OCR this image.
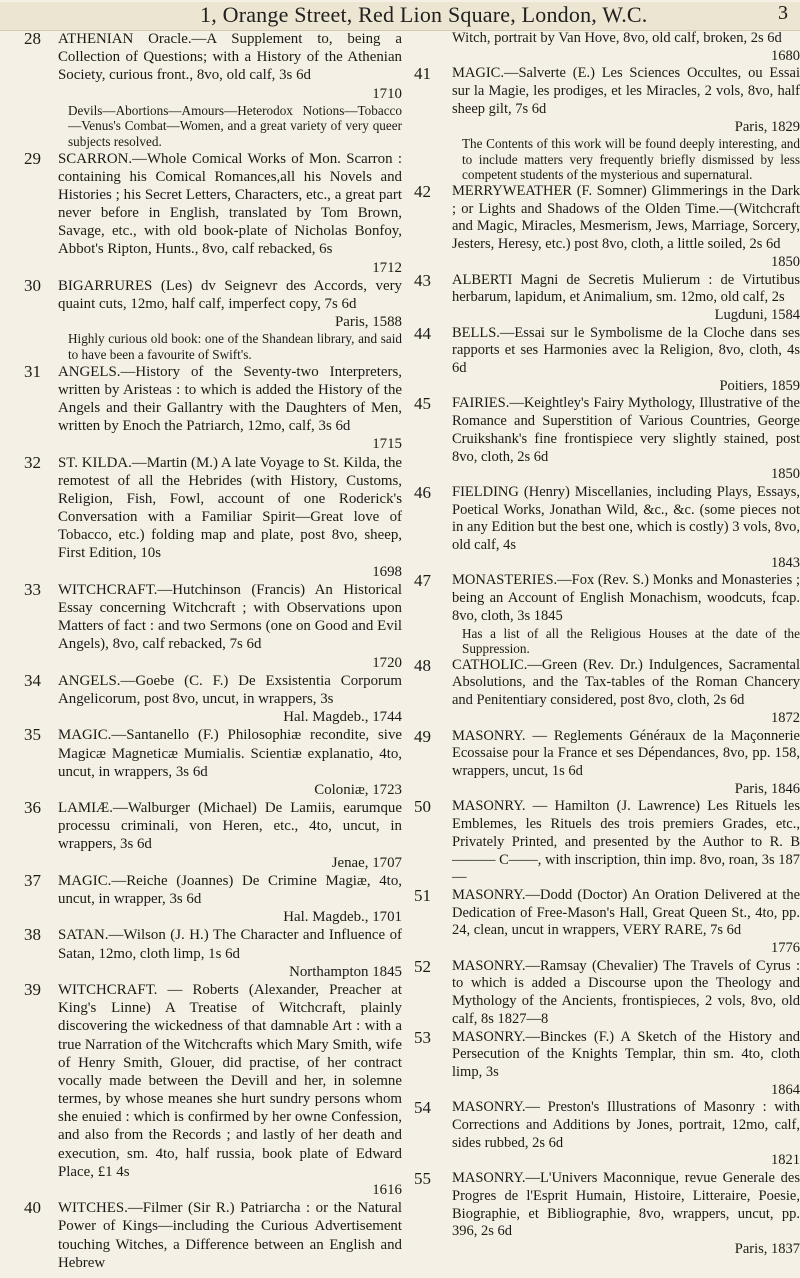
1, Orange Street, Red Lion Square, London, W.C.	3
28 ATHENIAN Oracle.—A Supplement to, being a Collection of Questions; with a History of the Athenian Society, curious front., 8vo, old calf, 3s 6d
1710
Devils—Abortions—Amours—Heterodox Notions—Tobacco—Venus's Combat—Women, and a great variety of very queer subjects resolved.
29 SCARRON.—Whole Comical Works of Mon. Scarron : containing his Comical Romances,all his Novels and Histories ; his Secret Letters, Characters, etc., a great part never before in English, translated by Tom Brown, Savage, etc., with old book-plate of Nicholas Bonfoy, Abbot's Ripton, Hunts., 8vo, calf rebacked, 6s
1712
30 BIGARRURES (Les) dv Seignevr des Accords, very quaint cuts, 12mo, half calf, imperfect copy, 7s 6d
Paris, 1588
Highly curious old book: one of the Shandean library, and said to have been a favourite of Swift's.
31 ANGELS.—History of the Seventy-two Interpreters, written by Aristeas : to which is added the History of the Angels and their Gallantry with the Daughters of Men, written by Enoch the Patriarch, 12mo, calf, 3s 6d
1715
32 ST. KILDA.—Martin (M.) A late Voyage to St. Kilda, the remotest of all the Hebrides (with History, Customs, Religion, Fish, Fowl, account of one Roderick's Conversation with a Familiar Spirit—Great love of Tobacco, etc.) folding map and plate, post 8vo, sheep, First Edition, 10s
1698
33 WITCHCRAFT.—Hutchinson (Francis) An Historical Essay concerning Witchcraft ; with Observations upon Matters of fact : and two Sermons (one on Good and Evil Angels), 8vo, calf rebacked, 7s 6d
1720
34 ANGELS.—Goebe (C. F.) De Exsistentia Corporum Angelicorum, post 8vo, uncut, in wrappers, 3s
Hal. Magdeb., 1744
35 MAGIC.—Santanello (F.) Philosophiæ recondite, sive Magicæ Magneticæ Mumialis. Scientiæ explanatio, 4to, uncut, in wrappers, 3s 6d
Coloniæ, 1723
36 LAMIÆ.—Walburger (Michael) De Lamiis, earumque processu criminali, von Heren, etc., 4to, uncut, in wrappers, 3s 6d
Jenae, 1707
37 MAGIC.—Reiche (Joannes) De Crimine Magiæ, 4to, uncut, in wrapper, 3s 6d
Hal. Magdeb., 1701
38 SATAN.—Wilson (J. H.) The Character and Influence of Satan, 12mo, cloth limp, 1s 6d
Northampton 1845
39 WITCHCRAFT. — Roberts (Alexander, Preacher at King's Linne) A Treatise of Witchcraft, plainly discovering the wickedness of that damnable Art : with a true Narration of the Witchcrafts which Mary Smith, wife of Henry Smith, Glouer, did practise, of her contract vocally made between the Devill and her, in solemne termes, by whose meanes she hurt sundry persons whom she enuied : which is confirmed by her owne Confession, and also from the Records ; and lastly of her death and execution, sm. 4to, half russia, book plate of Edward Place, £1 4s
1616
40 WITCHES.—Filmer (Sir R.) Patriarcha : or the Natural Power of Kings—including the Curious Advertisement touching Witches, a Difference between an English and Hebrew
Witch, portrait by Van Hove, 8vo, old calf, broken, 2s 6d
1680
41 MAGIC.—Salverte (E.) Les Sciences Occultes, ou Essai sur la Magie, les prodiges, et les Miracles, 2 vols, 8vo, half sheep gilt, 7s 6d
Paris, 1829
The Contents of this work will be found deeply interesting, and to include matters very frequently briefly dismissed by less competent students of the mysterious and supernatural.
42 MERRYWEATHER (F. Somner) Glimmerings in the Dark ; or Lights and Shadows of the Olden Time.—(Witchcraft and Magic, Miracles, Mesmerism, Jews, Marriage, Sorcery, Jesters, Heresy, etc.) post 8vo, cloth, a little soiled, 2s 6d
1850
43 ALBERTI Magni de Secretis Mulierum : de Virtutibus herbarum, lapidum, et Animalium, sm. 12mo, old calf, 2s
Lugduni, 1584
44 BELLS.—Essai sur le Symbolisme de la Cloche dans ses rapports et ses Harmonies avec la Religion, 8vo, cloth, 4s 6d
Poitiers, 1859
45 FAIRIES.—Keightley's Fairy Mythology, Illustrative of the Romance and Superstition of Various Countries, George Cruikshank's fine frontispiece very slightly stained, post 8vo, cloth, 2s 6d
1850
46 FIELDING (Henry) Miscellanies, including Plays, Essays, Poetical Works, Jonathan Wild, &c., &c. (some pieces not in any Edition but the best one, which is costly) 3 vols, 8vo, old calf, 4s
1843
47 MONASTERIES.—Fox (Rev. S.) Monks and Monasteries ; being an Account of English Monachism, woodcuts, fcap. 8vo, cloth, 3s 1845
Has a list of all the Religious Houses at the date of the Suppression.
48 CATHOLIC.—Green (Rev. Dr.) Indulgences, Sacramental Absolutions, and the Tax-tables of the Roman Chancery and Penitentiary considered, post 8vo, cloth, 2s 6d
1872
49 MASONRY. — Reglements Généraux de la Maçonnerie Ecossaise pour la France et ses Dépendances, 8vo, pp. 158, wrappers, uncut, 1s 6d
Paris, 1846
50 MASONRY. — Hamilton (J. Lawrence) Les Rituels les Emblemes, les Rituels des trois premiers Grades, etc., Privately Printed, and presented by the Author to R. B——— C——, with inscription, thin imp. 8vo, roan, 3s 187—
51 MASONRY.—Dodd (Doctor) An Oration Delivered at the Dedication of Free-Mason's Hall, Great Queen St., 4to, pp. 24, clean, uncut in wrappers, VERY RARE, 7s 6d
1776
52 MASONRY.—Ramsay (Chevalier) The Travels of Cyrus : to which is added a Discourse upon the Theology and Mythology of the Ancients, frontispieces, 2 vols, 8vo, old calf, 8s 1827—8
53 MASONRY.—Binckes (F.) A Sketch of the History and Persecution of the Knights Templar, thin sm. 4to, cloth limp, 3s
1864
54 MASONRY.— Preston's Illustrations of Masonry : with Corrections and Additions by Jones, portrait, 12mo, calf, sides rubbed, 2s 6d
1821
55 MASONRY.—L'Univers Maconnique, revue Generale des Progres de l'Esprit Humain, Histoire, Litteraire, Poesie, Biographie, et Bibliographie, 8vo, wrappers, uncut, pp. 396, 2s 6d
Paris, 1837
